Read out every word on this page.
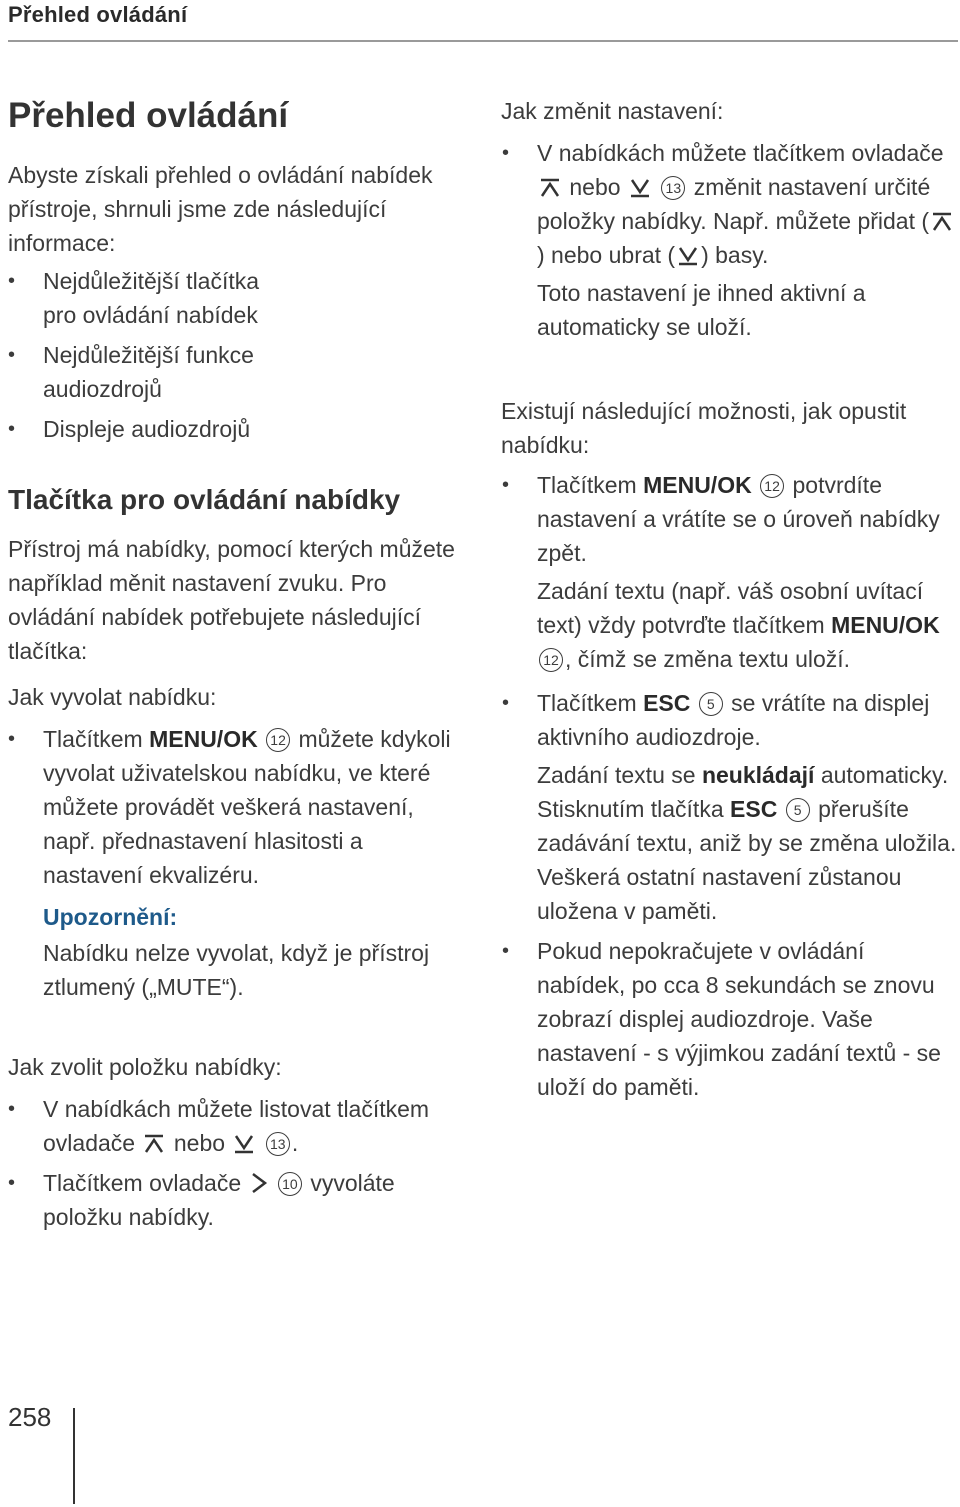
Přehled ovládání
Přehled ovládání

Abyste získali přehled o ovládání nabídek přístroje, shrnuli jsme zde následující informace:

• Nejdůležitější tlačítka pro ovládání nabídek
• Nejdůležitější funkce audiozdrojů
• Displeje audiozdrojů
Tlačítka pro ovládání nabídky

Přístroj má nabídky, pomocí kterých můžete například měnit nastavení zvuku. Pro ovládání nabídek potřebujete následující tlačítka:

Jak vyvolat nabídku:

• Tlačítkem MENU/OK 12 můžete kdykoli vyvolat uživatelskou nabídku, ve které můžete provádět veškerá nastavení, např. přednastavení hlasitosti a nastavení ekvalizéru.
Upozornění:
Nabídku nelze vyvolat, když je přístroj ztlumený („MUTE“).

Jak zvolit položku nabídky:

• V nabídkách můžete listovat tlačítkem ovladače nebo	13 .
• Tlačítkem ovladače	10 vyvoláte položku nabídky.

Jak změnit nastavení:

• V nabídkách můžete tlačítkem ovladače
nebo	13 změnit nastavení určité položky nabídky. Např. můžete přidat (
) nebo ubrat ( ) basy.
Toto nastavení je ihned aktivní a automaticky se uloží.

Existují následující možnosti, jak opustit nabídku:

• Tlačítkem MENU/OK 12 potvrdíte nastavení a vrátíte se o úroveň nabídky zpět.
Zadání textu (např. váš osobní uvítací text) vždy potvrďte tlačítkem MENU/OK 12 , čímž se změna textu uloží.
• Tlačítkem ESC 5 se vrátíte na displej aktivního audiozdroje.
Zadání textu se neukládají automaticky. Stisknutím tlačítka ESC 5 přerušíte zadávání textu, aniž by se změna uložila. Veškerá ostatní nastavení zůstanou uložena v paměti.
• Pokud nepokračujete v ovládání nabídek, po cca 8 sekundách se znovu zobrazí displej audiozdroje. Vaše nastavení - s výjimkou zadání textů - se uloží do paměti.
258
